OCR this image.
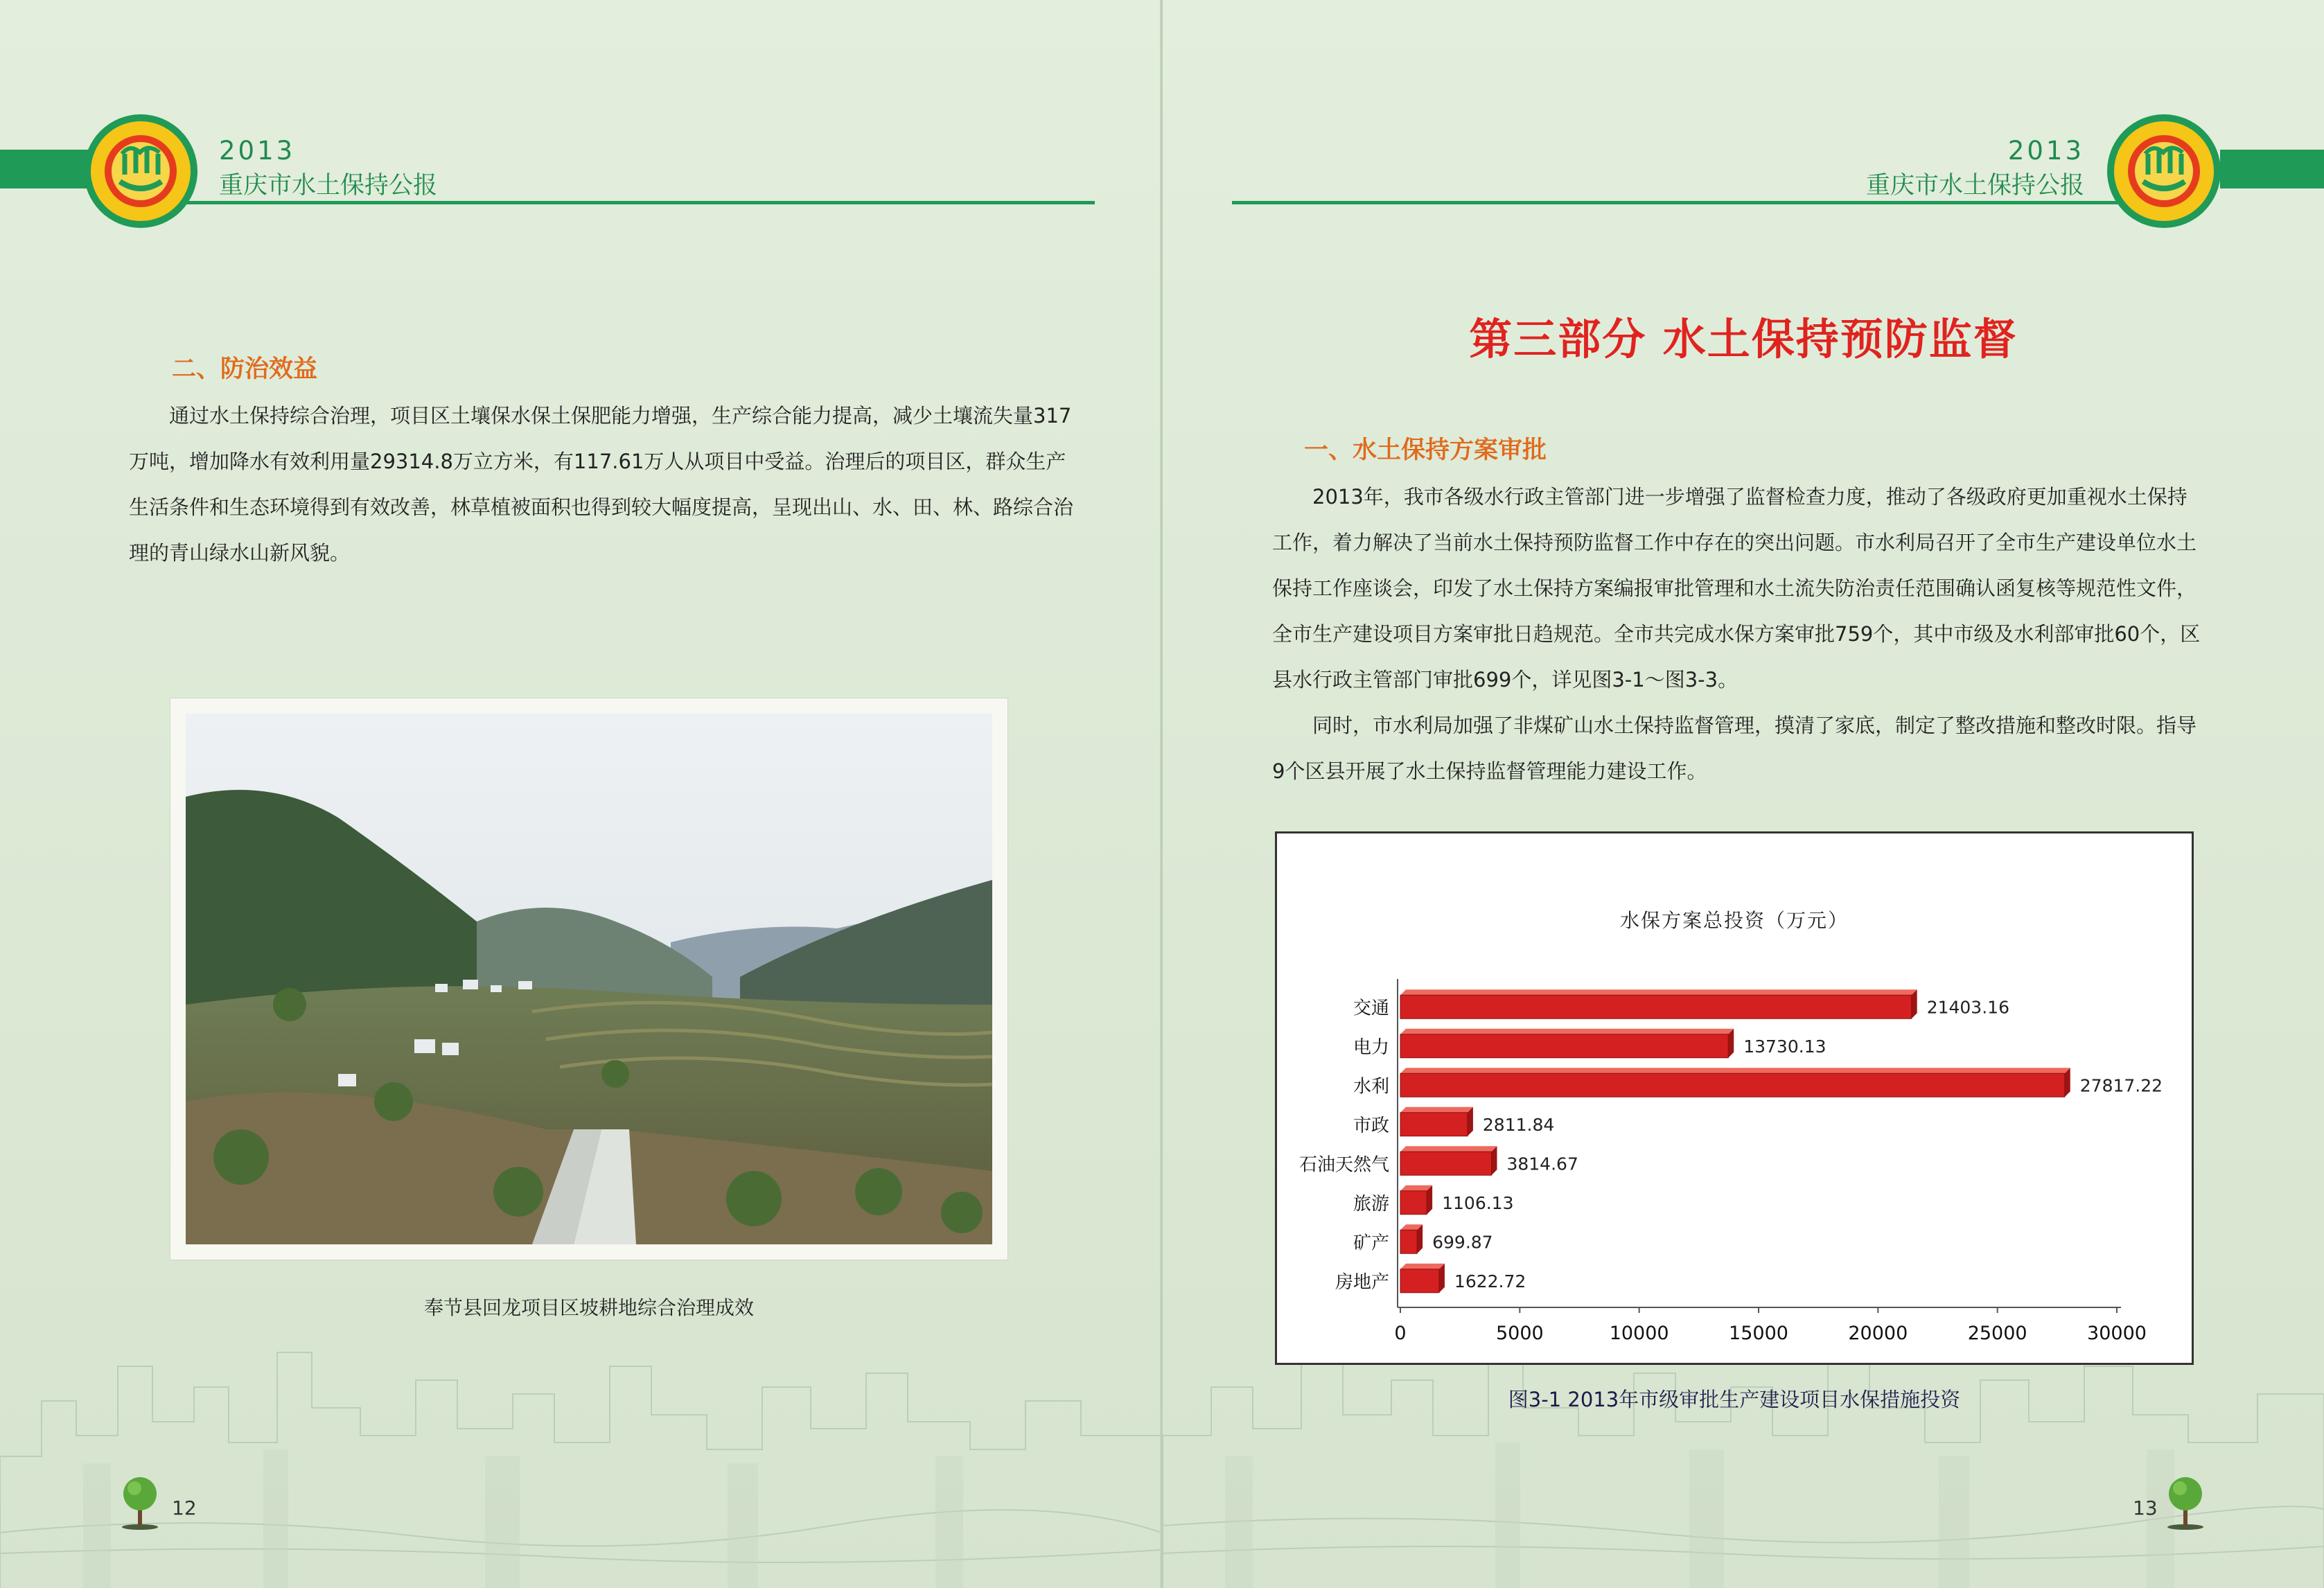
2013
重庆市水土保持公报
二、防治效益

通过水土保持综合治理，项目区土壤保水保土保肥能力增强，生产综合能力提高，减少土壤流失量317万吨，增加降水有效利用量29314.8万立方米，有117.61万人从项目中受益。治理后的项目区，群众生产生活条件和生态环境得到有效改善，林草植被面积也得到较大幅度提高，呈现出山、水、田、林、路综合治理的青山绿水山新风貌。

奉节县回龙项目区坡耕地综合治理成效
12
2013
重庆市水土保持公报
第三部分 水土保持预防监督
一、水土保持方案审批

2013年，我市各级水行政主管部门进一步增强了监督检查力度，推动了各级政府更加重视水土保持工作，着力解决了当前水土保持预防监督工作中存在的突出问题。市水利局召开了全市生产建设单位水土保持工作座谈会，印发了水土保持方案编报审批管理和水土流失防治责任范围确认函复核等规范性文件，全市生产建设项目方案审批日趋规范。全市共完成水保方案审批759个，其中市级及水利部审批60个，区县水行政主管部门审批699个，详见图3-1～图3-3。

同时，市水利局加强了非煤矿山水土保持监督管理，摸清了家底，制定了整改措施和整改时限。指导9个区县开展了水土保持监督管理能力建设工作。

水保方案总投资（万元）
交通	21403.16
电力	13730.13
水利	27817.22
市政	2811.84
石油天然气	3814.67
旅游	1106.13
矿产 699.87
房地产	1622.72
0	5000	10000	15000	20000	25000	30000
图3-1 2013年市级审批生产建设项目水保措施投资
13
